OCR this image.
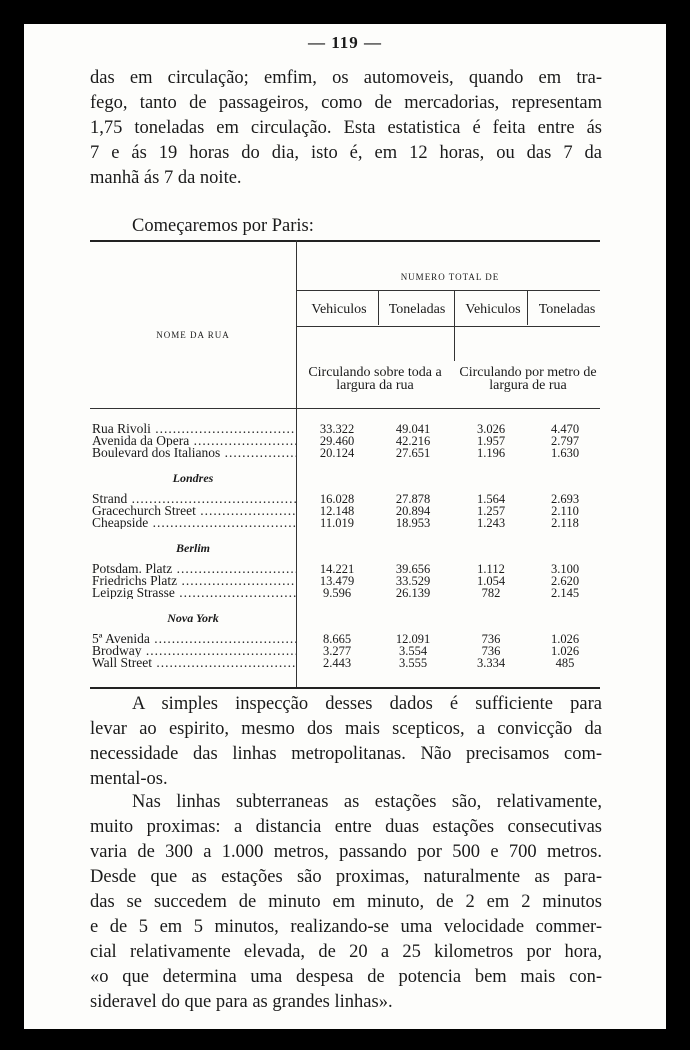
— 119 —

das em circulação; emfim, os automoveis, quando em tra-
fego, tanto de passageiros, como de mercadorias, representam
1,75 toneladas em circulação. Esta estatistica é feita entre ás
7 e ás 19 horas do dia, isto é, em 12 horas, ou das 7 da
manhã ás 7 da noite.

Começaremos por Paris:

NUMERO TOTAL DE
NOME DA RUA
Vehiculos	Toneladas	Vehiculos	Toneladas
Circulando sobre toda a largura da rua
Circulando por metro de largura de rua
Rua Rivoli .....	33.322	49.041	3.026	4.470
Avenida da Opera .....	29.460	42.216	1.957	2.797
Boulevard dos Italianos .....	20.124	27.651	1.196	1.630
Londres
Strand .....	16.028	27.878	1.564	2.693
Gracechurch Street .....	12.148	20.894	1.257	2.110
Cheapside .....	11.019	18.953	1.243	2.118
Berlim
Potsdam. Platz .....	14.221	39.656	1.112	3.100
Friedrichs Platz .....	13.479	33.529	1.054	2.620
Leipzig Strasse .....	9.596	26.139	782	2.145
Nova York
5ª Avenida .....	8.665	12.091	736	1.026
Brodway .....	3.277	3.554	736	1.026
Wall Street .....	2.443	3.555	3.334	485

A simples inspecção desses dados é sufficiente para
levar ao espirito, mesmo dos mais scepticos, a convicção da
necessidade das linhas metropolitanas. Não precisamos com-
mental-os.

Nas linhas subterraneas as estações são, relativamente,
muito proximas: a distancia entre duas estações consecutivas
varia de 300 a 1.000 metros, passando por 500 e 700 metros.
Desde que as estações são proximas, naturalmente as para-
das se succedem de minuto em minuto, de 2 em 2 minutos
e de 5 em 5 minutos, realizando-se uma velocidade commer-
cial relativamente elevada, de 20 a 25 kilometros por hora,
«o que determina uma despesa de potencia bem mais con-
sideravel do que para as grandes linhas».
